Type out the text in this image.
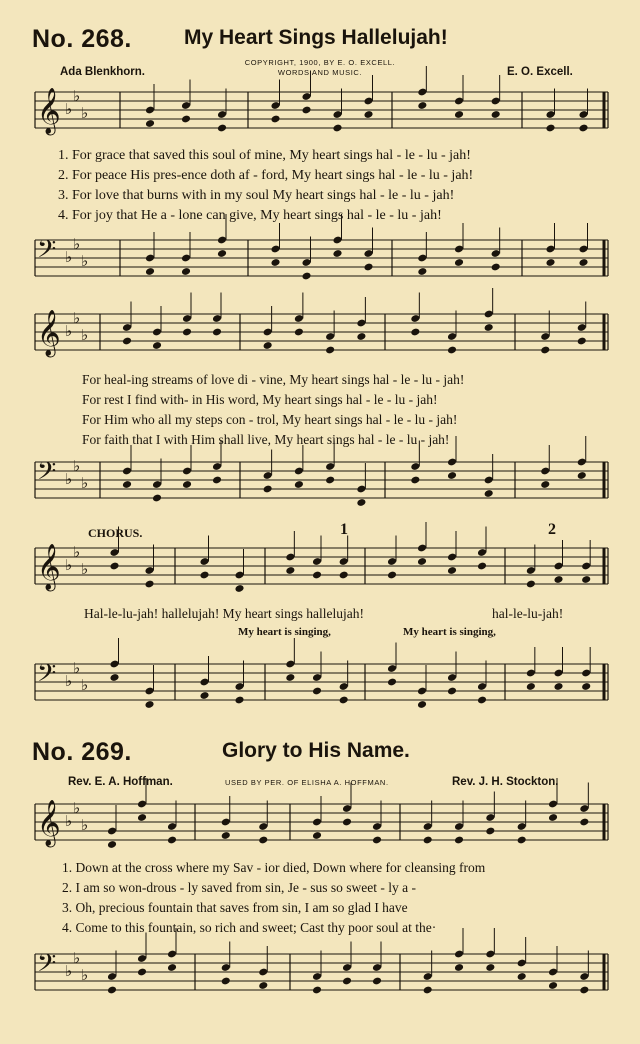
No. 268. My Heart Sings Hallelujah!
Ada Blenkhorn.
COPYRIGHT, 1900, BY E. O. EXCELL.
WORDS AND MUSIC.	E. O. Excell.
𝄞 ♭
♭
♭
1. For grace that saved this soul of mine, My heart sings hal - le - lu - jah!
2. For peace His pres-ence doth af - ford, My heart sings hal - le - lu - jah!
3. For love that burns with in my soul My heart sings hal - le - lu - jah!
4. For joy that He a - lone can give, My heart sings hal - le - lu - jah!
𝄢 ♭
♭
♭
𝄞 ♭
♭
♭
For heal-ing streams of love di - vine, My heart sings hal - le - lu - jah!
For rest I find with- in His word, My heart sings hal - le - lu - jah!
For Him who all my steps con - trol, My heart sings hal - le - lu - jah!
For faith that I with Him shall live, My heart sings hal - le - lu - jah!
𝄢 ♭
♭
♭
CHORUS.	1	2
𝄞 ♭
♭
♭
Hal-le-lu-jah! hallelujah! My heart sings hallelujah!	hal-le-lu-jah!
My heart is singing,	My heart is singing,
𝄢 ♭
♭
♭
No. 269.	Glory to His Name.
Rev. E. A. Hoffman.	USED BY PER. OF ELISHA A. HOFFMAN.	Rev. J. H. Stockton.
𝄞 ♭
♭
♭
1. Down at the cross where my Sav - ior died, Down where for cleansing from
2. I am so won-drous - ly saved from sin, Je - sus so sweet - ly a -
3. Oh, precious fountain that saves from sin, I am so glad I have
4. Come to this fountain, so rich and sweet; Cast thy poor soul at the·
𝄢 ♭
♭
♭
